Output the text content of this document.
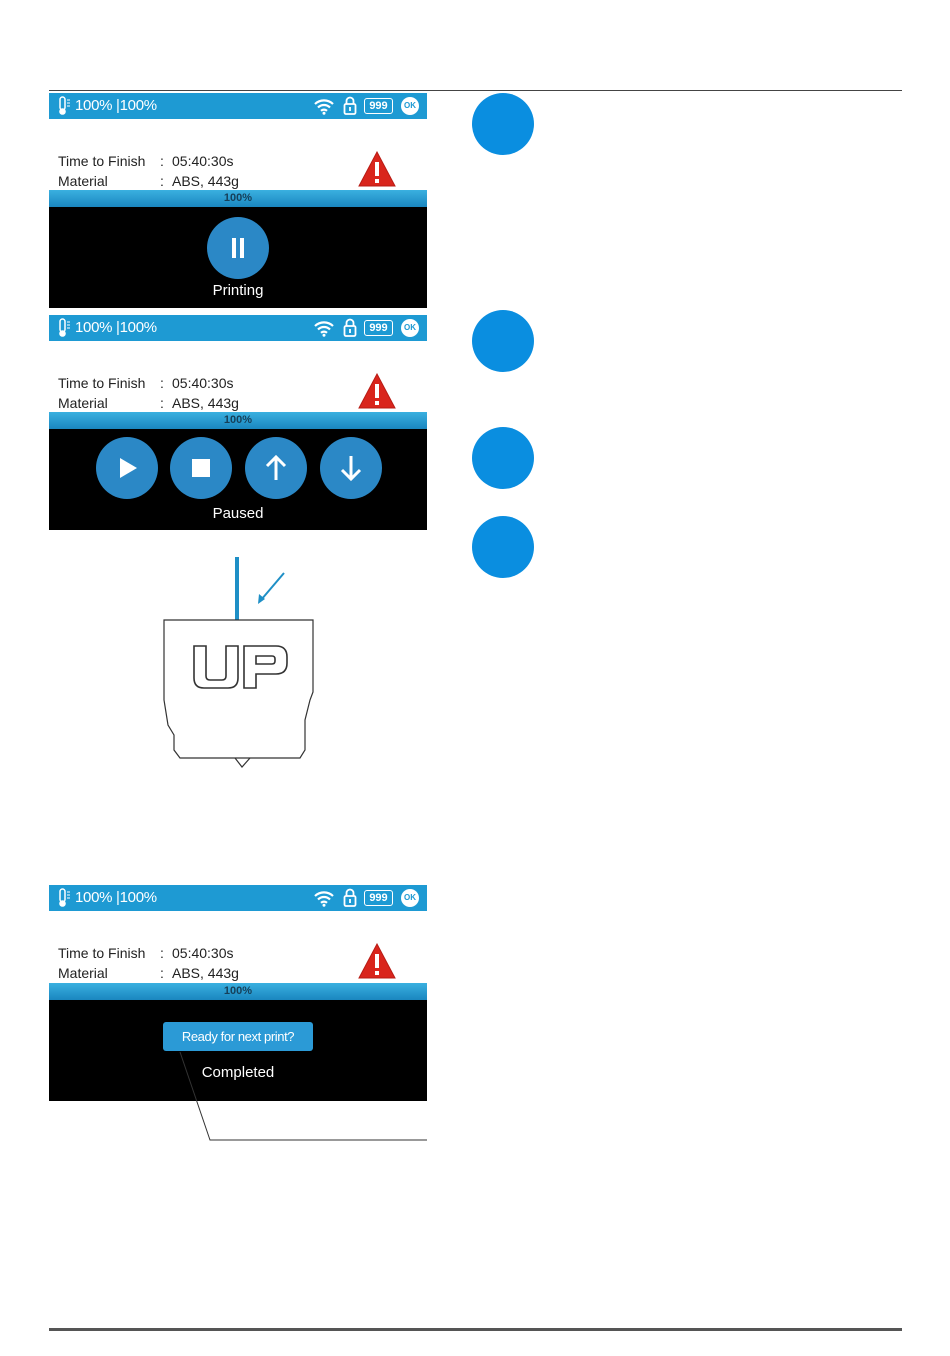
100% |100%	999	OK
Time to Finish : 05:40:30s
Material	: ABS, 443g
100%
Printing
100% |100%	999	OK
Time to Finish : 05:40:30s
Material	: ABS, 443g
100%
Paused
100% |100%	999	OK
Time to Finish : 05:40:30s
Material	: ABS, 443g
100%
Ready for next print?
Completed
